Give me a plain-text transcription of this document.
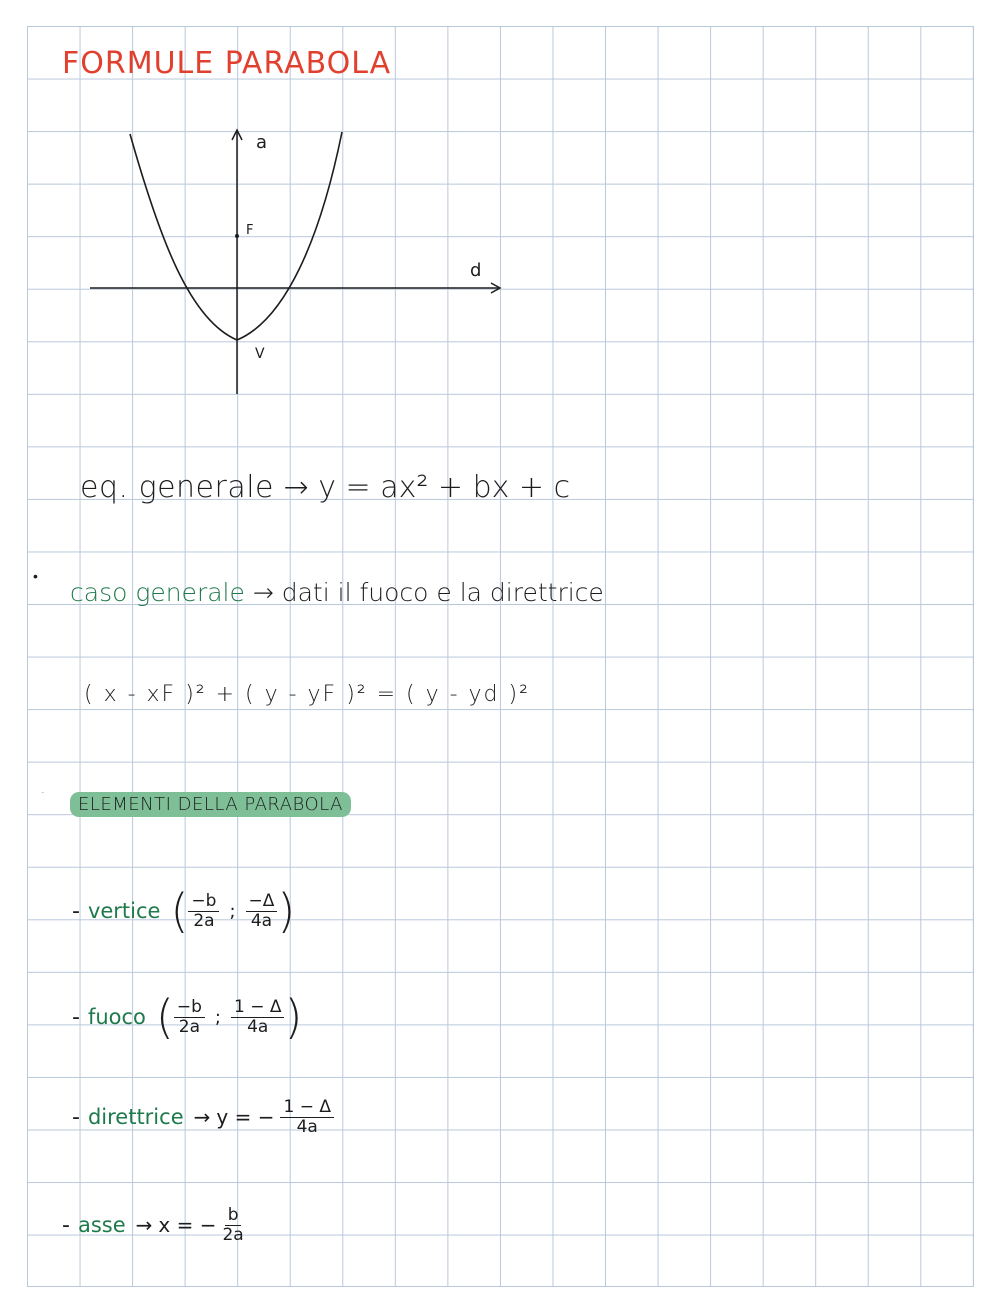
FORMULE PARABOLA
a
d
F
V
eq. generale → y = ax² + bx + c
•
caso generale → dati il fuoco e la direttrice
( x - xF )² + ( y - yF )² = ( y - yd )²
·
ELEMENTI DELLA PARABOLA
- vertice ( $\frac{-b}{2a}$ ; $\frac{-\Delta}{4a}$ )
- fuoco ( $\frac{-b}{2a}$ ; $\frac{1 - \Delta}{4a}$ )
- direttrice → y = − $\frac{1 - \Delta}{4a}$
- asse → x = − $\frac{b}{2a}$
